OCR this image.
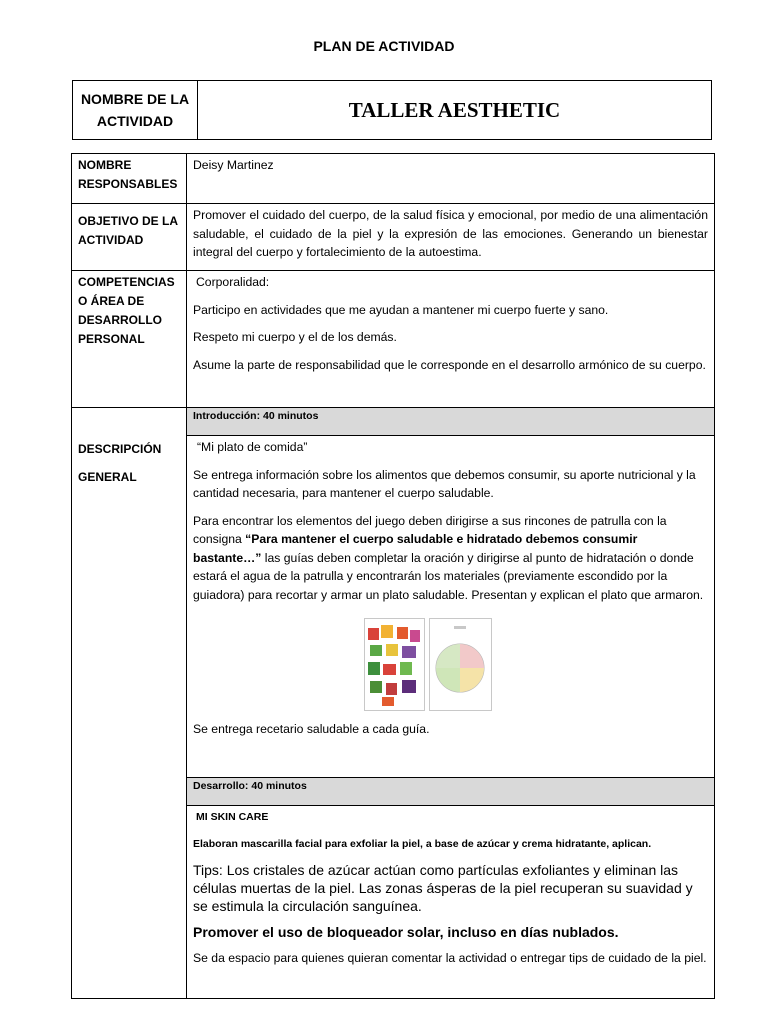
PLAN DE ACTIVIDAD
NOMBRE DE LA ACTIVIDAD	TALLER AESTHETIC
NOMBRE RESPONSABLES	Deisy Martinez
OBJETIVO DE LA ACTIVIDAD	Promover el cuidado del cuerpo, de la salud física y emocional, por medio de una alimentación saludable, el cuidado de la piel y la expresión de las emociones. Generando un bienestar integral del cuerpo y fortalecimiento de la autoestima.
COMPETENCIAS O ÁREA DE DESARROLLO PERSONAL	Corporalidad:

Participo en actividades que me ayudan a mantener mi cuerpo fuerte y sano.

Respeto mi cuerpo y el de los demás.

Asume la parte de responsabilidad que le corresponde en el desarrollo armónico de su cuerpo.

DESCRIPCIÓN

GENERAL	Introducción: 40 minutos

	“Mi plato de comida”

Se entrega información sobre los alimentos que debemos consumir, su aporte nutricional y la cantidad necesaria, para mantener el cuerpo saludable.

Para encontrar los elementos del juego deben dirigirse a sus rincones de patrulla con la consigna “Para mantener el cuerpo saludable e hidratado debemos consumir bastante…” las guías deben completar la oración y dirigirse al punto de hidratación o donde estará el agua de la patrulla y encontrarán los materiales (previamente escondido por la guiadora) para recortar y armar un plato saludable. Presentan y explican el plato que armaron.

Se entrega recetario saludable a cada guía.

	Desarrollo: 40 minutos

	MI SKIN CARE

Elaboran mascarilla facial para exfoliar la piel, a base de azúcar y crema hidratante, aplican.

Tips: Los cristales de azúcar actúan como partículas exfoliantes y eliminan las células muertas de la piel. Las zonas ásperas de la piel recuperan su suavidad y se estimula la circulación sanguínea.

Promover el uso de bloqueador solar, incluso en días nublados.

Se da espacio para quienes quieran comentar la actividad o entregar tips de cuidado de la piel.
